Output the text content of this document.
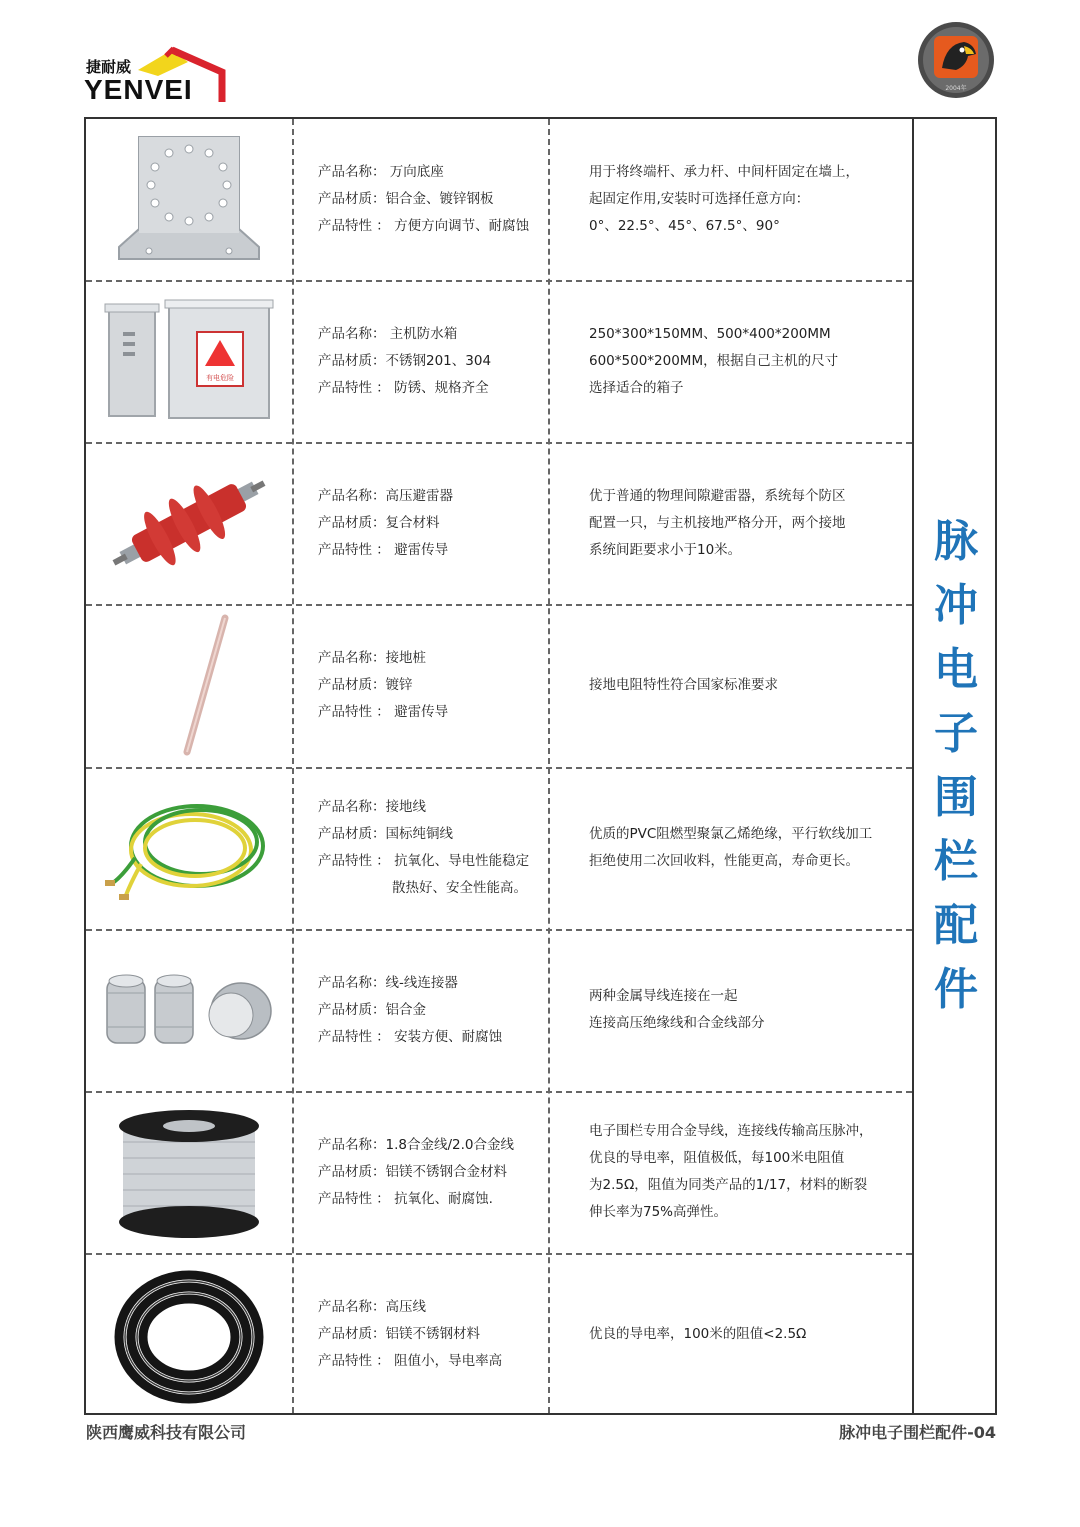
捷耐威
YENVEI	2004年
脉
冲
电
子
围
栏
配
件
产品名称： 万向底座
产品材质：铝合金、镀锌钢板
产品特性 ： 方便方向调节、耐腐蚀
用于将终端杆、承力杆、中间杆固定在墙上，
起固定作用,安装时可选择任意方向：
0°、22.5°、45°、67.5°、90°
有电危险
产品名称： 主机防水箱
产品材质：不锈钢201、304
产品特性 ： 防锈、规格齐全
250*300*150MM、500*400*200MM
600*500*200MM，根据自己主机的尺寸
选择适合的箱子
产品名称：高压避雷器
产品材质：复合材料
产品特性 ： 避雷传导
优于普通的物理间隙避雷器，系统每个防区
配置一只，与主机接地严格分开，两个接地
系统间距要求小于10米。
产品名称：接地桩
产品材质：镀锌
产品特性 ： 避雷传导
接地电阻特性符合国家标准要求
产品名称：接地线
产品材质：国标纯铜线
产品特性 ： 抗氧化、导电性能稳定
散热好、安全性能高。
优质的PVC阻燃型聚氯乙烯绝缘，平行软线加工
拒绝使用二次回收料，性能更高，寿命更长。
产品名称：线-线连接器
产品材质：铝合金
产品特性 ： 安装方便、耐腐蚀
两种金属导线连接在一起
连接高压绝缘线和合金线部分
产品名称：1.8合金线/2.0合金线
产品材质：铝镁不锈钢合金材料
产品特性 ： 抗氧化、耐腐蚀.
电子围栏专用合金导线，连接线传输高压脉冲，
优良的导电率，阻值极低，每100米电阻值
为2.5Ω，阻值为同类产品的1/17，材料的断裂
伸长率为75%高弹性。
产品名称：高压线
产品材质：铝镁不锈钢材料
产品特性 ： 阻值小，导电率高
优良的导电率，100米的阻值<2.5Ω
陕西鹰威科技有限公司	脉冲电子围栏配件-04
